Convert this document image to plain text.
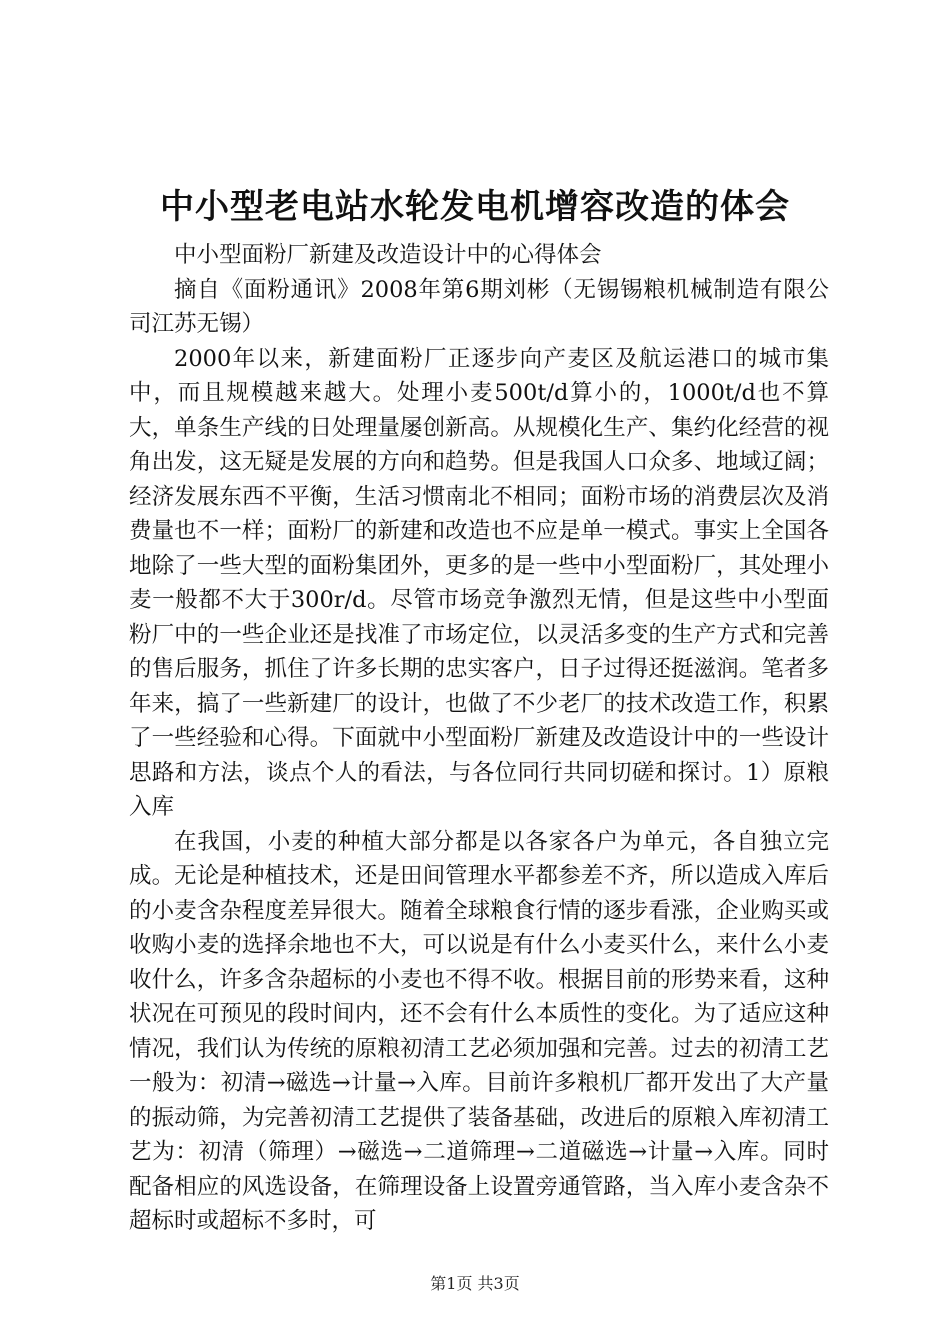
中小型老电站水轮发电机增容改造的体会

中小型面粉厂新建及改造设计中的心得体会

摘自《面粉通讯》2008年第6期刘彬（无锡锡粮机械制造有限公司江苏无锡）

2000年以来，新建面粉厂正逐步向产麦区及航运港口的城市集中，而且规模越来越大。处理小麦500t/d算小的，1000t/d也不算大，单条生产线的日处理量屡创新高。从规模化生产、集约化经营的视角出发，这无疑是发展的方向和趋势。但是我国人口众多、地域辽阔；经济发展东西不平衡，生活习惯南北不相同；面粉市场的消费层次及消费量也不一样；面粉厂的新建和改造也不应是单一模式。事实上全国各地除了一些大型的面粉集团外，更多的是一些中小型面粉厂，其处理小麦一般都不大于300r/d。尽管市场竞争激烈无情，但是这些中小型面粉厂中的一些企业还是找准了市场定位，以灵活多变的生产方式和完善的售后服务，抓住了许多长期的忠实客户，日子过得还挺滋润。笔者多年来，搞了一些新建厂的设计，也做了不少老厂的技术改造工作，积累了一些经验和心得。下面就中小型面粉厂新建及改造设计中的一些设计思路和方法，谈点个人的看法，与各位同行共同切磋和探讨。1）原粮入库

在我国，小麦的种植大部分都是以各家各户为单元，各自独立完成。无论是种植技术，还是田间管理水平都参差不齐，所以造成入库后的小麦含杂程度差异很大。随着全球粮食行情的逐步看涨，企业购买或收购小麦的选择余地也不大，可以说是有什么小麦买什么，来什么小麦收什么，许多含杂超标的小麦也不得不收。根据目前的形势来看，这种状况在可预见的段时间内，还不会有什么本质性的变化。为了适应这种情况，我们认为传统的原粮初清工艺必须加强和完善。过去的初清工艺一般为：初清→磁选→计量→入库。目前许多粮机厂都开发出了大产量的振动筛，为完善初清工艺提供了装备基础，改进后的原粮入库初清工艺为：初清（筛理）→磁选→二道筛理→二道磁选→计量→入库。同时配备相应的风选设备，在筛理设备上设置旁通管路，当入库小麦含杂不超标时或超标不多时，可

第1页 共3页
